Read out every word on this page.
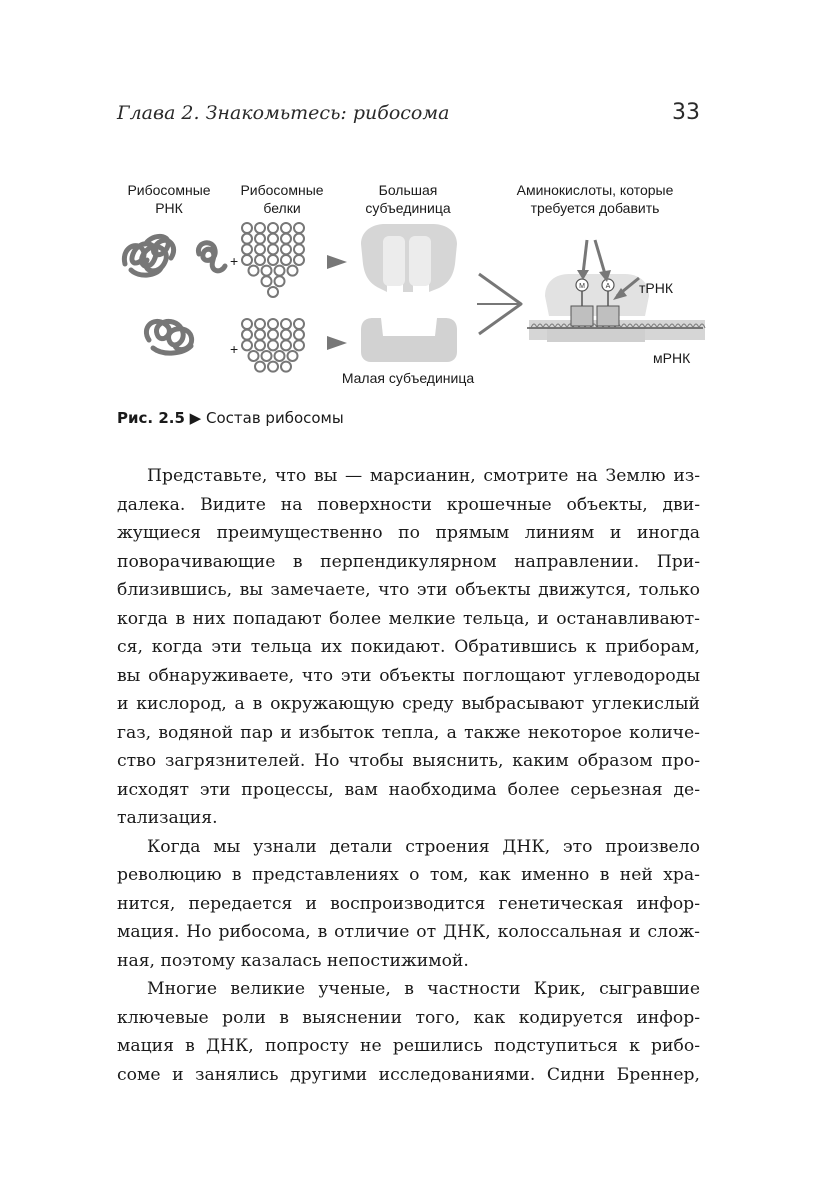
Глава 2. Знакомьтесь: рибосома	33
Рибосомные
РНК
Рибосомные
белки
Большая
субъединица
Аминокислоты, которые
требуется добавить
+
+
Малая субъединица
M	A тРНК
мРНК
Рис. 2.5 ▶ Состав рибосомы
Представьте, что вы — марсианин, смотрите на Землю из-
далека. Видите на поверхности крошечные объекты, дви-
жущиеся преимущественно по прямым линиям и иногда
поворачивающие в перпендикулярном направлении. При-
близившись, вы замечаете, что эти объекты движутся, только
когда в них попадают более мелкие тельца, и останавливают-
ся, когда эти тельца их покидают. Обратившись к приборам,
вы обнаруживаете, что эти объекты поглощают углеводороды
и кислород, а в окружающую среду выбрасывают углекислый
газ, водяной пар и избыток тепла, а также некоторое количе-
ство загрязнителей. Но чтобы выяснить, каким образом про-
исходят эти процессы, вам наобходима более серьезная де-
тализация.
Когда мы узнали детали строения ДНК, это произвело
революцию в представлениях о том, как именно в ней хра-
нится, передается и воспроизводится генетическая инфор-
мация. Но рибосома, в отличие от ДНК, колоссальная и слож-
ная, поэтому казалась непостижимой.
Многие великие ученые, в частности Крик, сыгравшие
ключевые роли в выяснении того, как кодируется инфор-
мация в ДНК, попросту не решились подступиться к рибо-
соме и занялись другими исследованиями. Сидни Бреннер,
